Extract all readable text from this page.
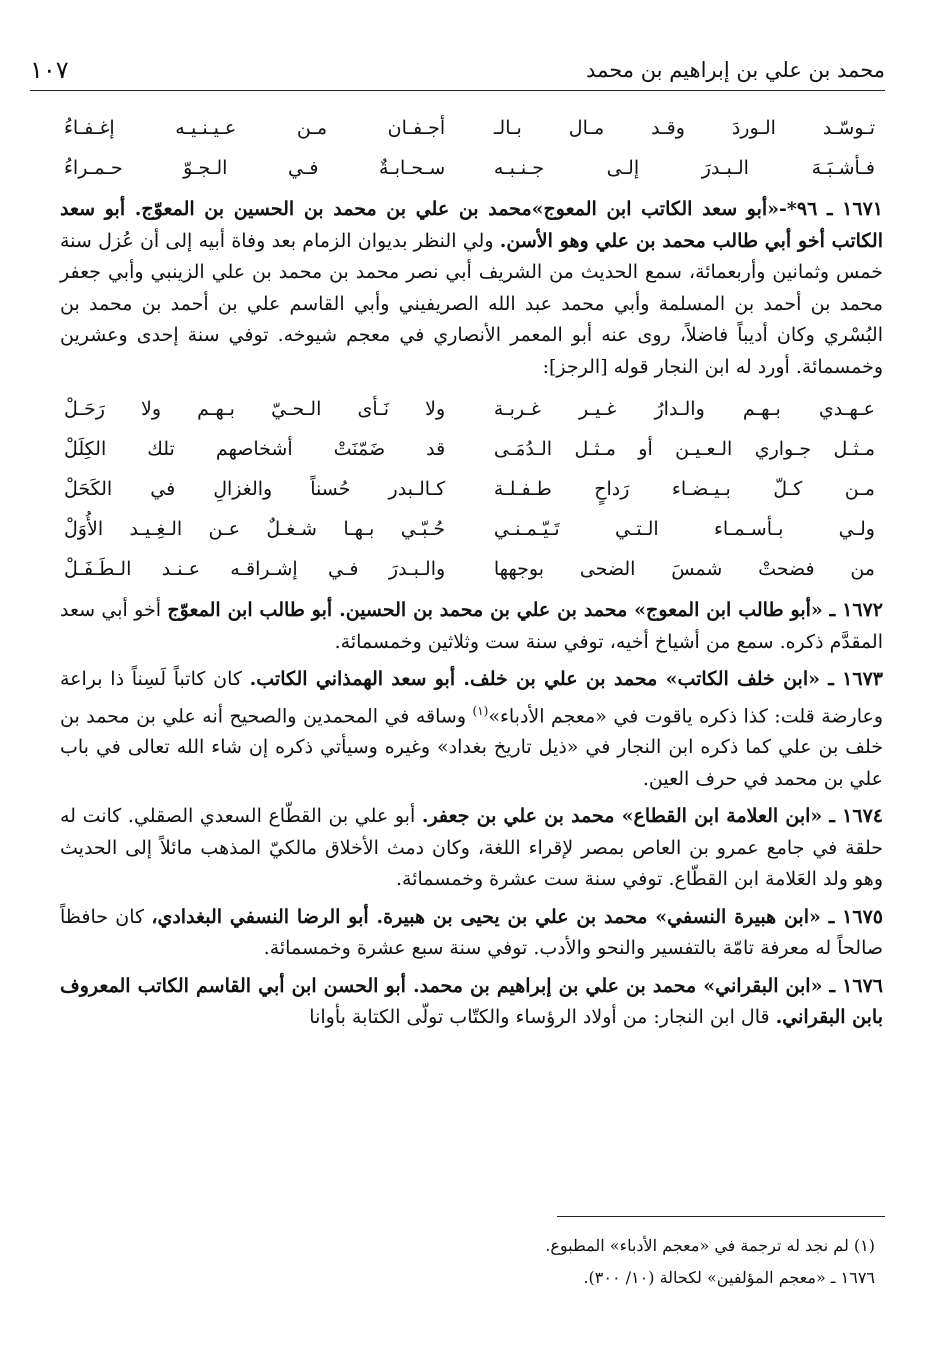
محمد بن علي بن إبراهيم بن محمد
١٠٧
تـوسّـد الـوردَ وقـد مـال بـالـ
أجـفـان مـن عـيـنـيـه إغـفـاءُ
فـأشـبَـهَ الـبـدرَ إلـى جـنـبـه
سـحـابـةٌ فـي الـجـوّ حـمـراءُ

١٦٧١ ـ ٩٦*-«أبو سعد الكاتب ابن المعوج»محمد بن علي بن محمد بن الحسين بن المعوّج. أبو سعد الكاتب أخو أبي طالب محمد بن علي وهو الأسن. ولي النظر بديوان الزمام بعد وفاة أبيه إلى أن عُزل سنة خمس وثمانين وأربعمائة، سمع الحديث من الشريف أبي نصر محمد بن محمد بن علي الزينبي وأبي جعفر محمد بن أحمد بن المسلمة وأبي محمد عبد الله الصريفيني وأبي القاسم علي بن أحمد بن محمد بن البُسْري وكان أديباً فاضلاً، روى عنه أبو المعمر الأنصاري في معجم شيوخه. توفي سنة إحدى وعشرين وخمسمائة. أورد له ابن النجار قوله [الرجز]:

عـهـدي بـهـم والـدارُ غـيـر غـربـة
ولا نَـأى الـحـيّ بـهـم ولا رَحَـلْ
مـثـل جـواري الـعـيـن أو مـثـل الـدُمَـى
قد ضَمّنَتْ أشخاصهم تلك الكِلَلْ
مـن كـلّ بـيـضـاء رَداحٍ طـفـلـة
كـالـبدر حُسناً والغزالِ في الكَحَلْ
ولـي بـأسـمـاء الـتـي تَـيّـمـنـي
حُـبّـي بـهـا شـغـلٌ عـن الـغِـيـد الأُوَلْ
من فضحتْ شمسَ الضحى بوجهها
والـبـدرَ فـي إشـراقـه عـنـد الـطَـفَـلْ

١٦٧٢ ـ «أبو طالب ابن المعوج» محمد بن علي بن محمد بن الحسين. أبو طالب ابن المعوّج أخو أبي سعد المقدَّم ذكره. سمع من أشياخ أخيه، توفي سنة ست وثلاثين وخمسمائة.

١٦٧٣ ـ «ابن خلف الكاتب» محمد بن علي بن خلف. أبو سعد الهمذاني الكاتب. كان كاتباً لَسِناً ذا براعة وعارضة قلت: كذا ذكره ياقوت في «معجم الأدباء»$^{(١)}$ وساقه في المحمدين والصحيح أنه علي بن محمد بن خلف بن علي كما ذكره ابن النجار في «ذيل تاريخ بغداد» وغيره وسيأتي ذكره إن شاء الله تعالى في باب علي بن محمد في حرف العين.

١٦٧٤ ـ «ابن العلامة ابن القطاع» محمد بن علي بن جعفر. أبو علي بن القطّاع السعدي الصقلي. كانت له حلقة في جامع عمرو بن العاص بمصر لإقراء اللغة، وكان دمث الأخلاق مالكيّ المذهب مائلاً إلى الحديث وهو ولد العَلامة ابن القطّاع. توفي سنة ست عشرة وخمسمائة.

١٦٧٥ ـ «ابن هبيرة النسفي» محمد بن علي بن يحيى بن هبيرة. أبو الرضا النسفي البغدادي، كان حافظاً صالحاً له معرفة تامّة بالتفسير والنحو والأدب. توفي سنة سبع عشرة وخمسمائة.

١٦٧٦ ـ «ابن البقراني» محمد بن علي بن إبراهيم بن محمد. أبو الحسن ابن أبي القاسم الكاتب المعروف بابن البقراني. قال ابن النجار: من أولاد الرؤساء والكتّاب تولّى الكتابة بأوانا

(١) لم نجد له ترجمة في «معجم الأدباء» المطبوع.
١٦٧٦ ـ «معجم المؤلفين» لكحالة (١٠/ ٣٠٠).
